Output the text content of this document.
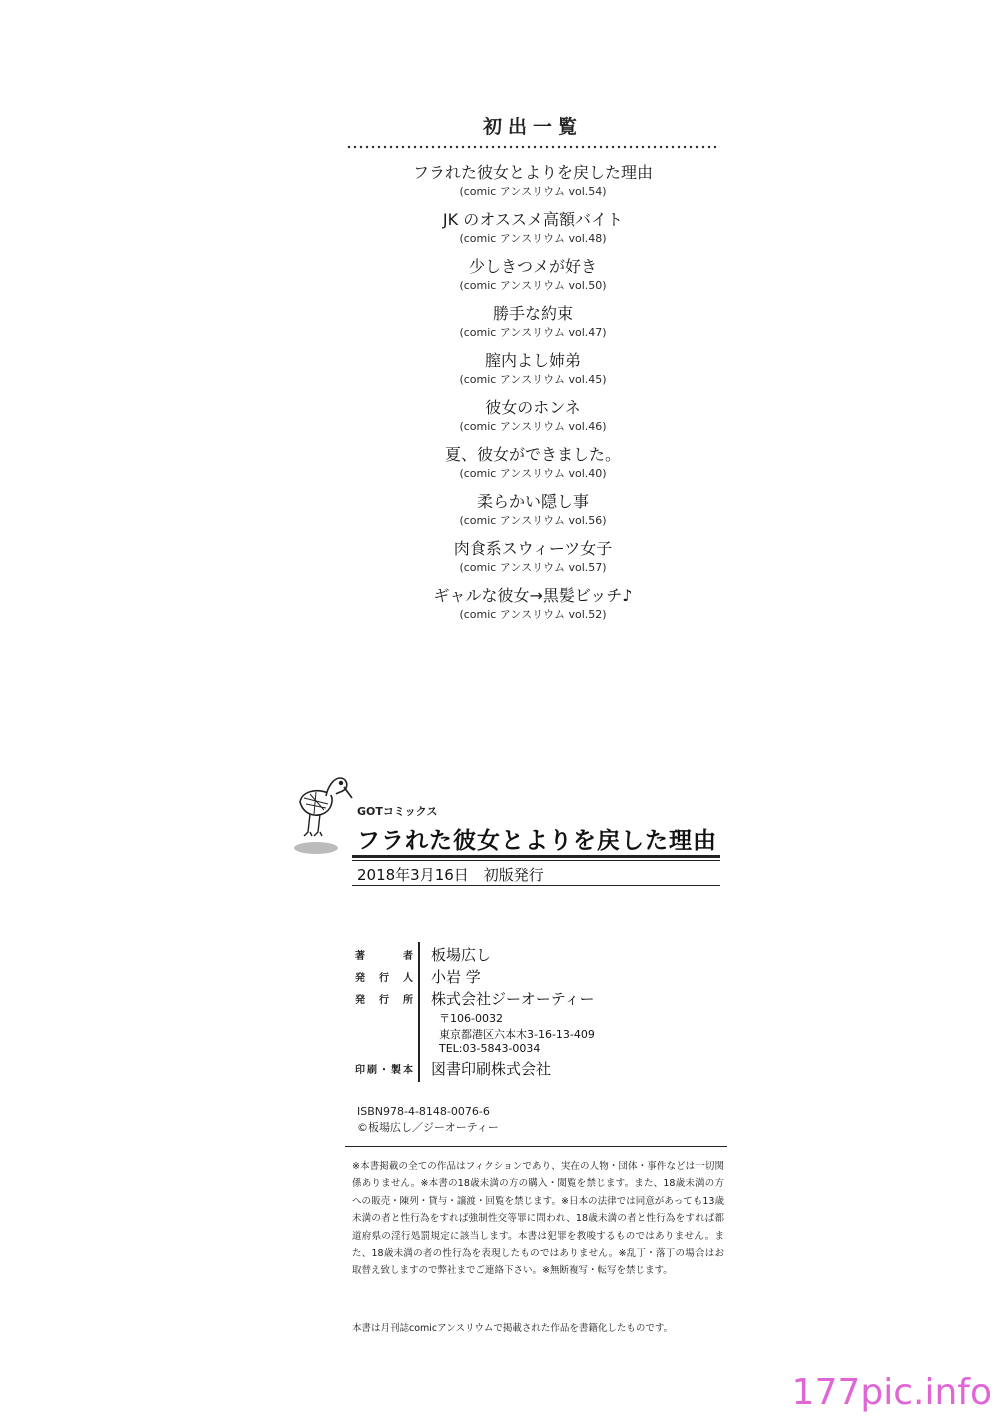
初出一覧
フラれた彼女とよりを戻した理由
(comic アンスリウム vol.54)
JK のオススメ高額バイト
(comic アンスリウム vol.48)
少しきつメが好き
(comic アンスリウム vol.50)
勝手な約束
(comic アンスリウム vol.47)
膣内よし姉弟
(comic アンスリウム vol.45)
彼女のホンネ
(comic アンスリウム vol.46)
夏、彼女ができました。
(comic アンスリウム vol.40)
柔らかい隠し事
(comic アンスリウム vol.56)
肉食系スウィーツ女子
(comic アンスリウム vol.57)
ギャルな彼女→黒髪ビッチ♪
(comic アンスリウム vol.52)
GOTコミックス
フラれた彼女とよりを戻した理由
2018年3月16日　初版発行
著者 板場広し
発行人 小岩 学
発行所 株式会社ジーオーティー
〒106-0032
東京都港区六本木3-16-13-409
TEL:03-5843-0034
印刷・製本 図書印刷株式会社
ISBN978-4-8148-0076-6
©板場広し／ジーオーティー
※本書掲載の全ての作品はフィクションであり、実在の人物・団体・事件などは一切関係ありません。※本書の18歳未満の方の購入・閲覧を禁じます。また、18歳未満の方への販売・陳列・貸与・譲渡・回覧を禁じます。※日本の法律では同意があっても13歳未満の者と性行為をすれば強制性交等罪に問われ、18歳未満の者と性行為をすれば都道府県の淫行処罰規定に該当します。本書は犯罪を教唆するものではありません。また、18歳未満の者の性行為を表現したものではありません。※乱丁・落丁の場合はお取替え致しますので弊社までご連絡下さい。※無断複写・転写を禁じます。
本書は月刊誌comicアンスリウムで掲載された作品を書籍化したものです。
177pic.info
